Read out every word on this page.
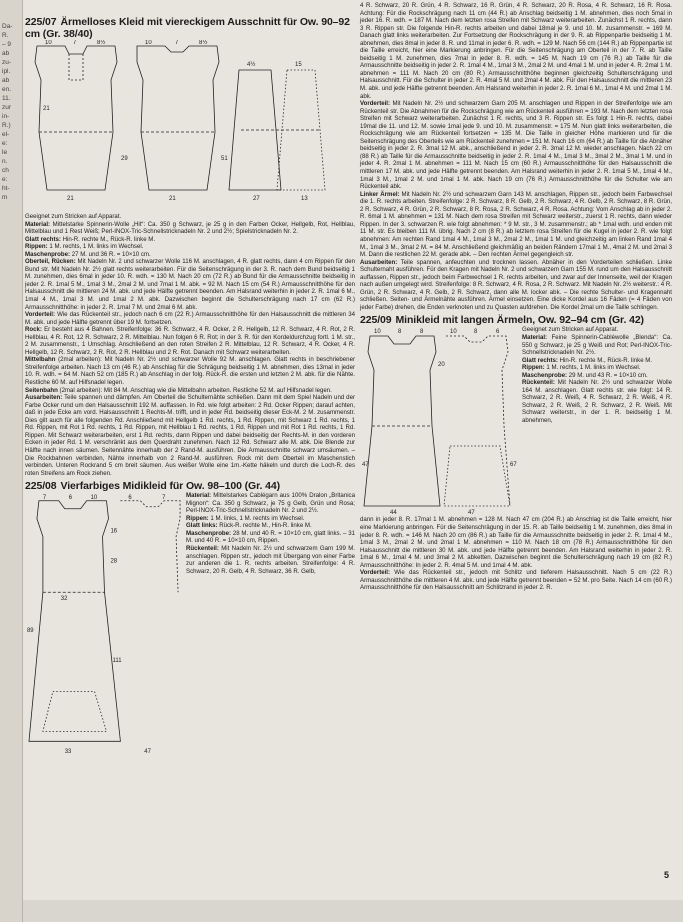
Da-
R.
– 9
ab
zu-
ipl.
ab
en.
11.
zur
in-
R.)
el-
e:
le
n.
ch
e:
ht-
m
225/07 Ärmelloses Kleid mit viereckigem Ausschnitt für Ow. 90–92 cm (Gr. 38/40)
10	7	8½	10	7	8½
4½	15
21
29	51
21	21	27	13

Geeignet zum Stricken auf Apparat.

Material: Mittelstarke Spinnerin-Wolle „Hit“: Ca. 350 g Schwarz, je 25 g in den Farben Ocker, Hellgelb, Rot, Hellblau, Mittelblau und 1 Rest Weiß; Perl-INOX-Tric-Schnellstricknadeln Nr. 2 und 2½; Spielstricknadeln Nr. 2.

Glatt rechts: Hin-R. rechte M., Rück-R. linke M.

Rippen: 1 M. rechts, 1 M. links im Wechsel.

Maschenprobe: 27 M. und 36 R. = 10×10 cm.

Oberteil, Rücken: Mit Nadeln Nr. 2 und schwarzer Wolle 116 M. anschlagen, 4 R. glatt rechts, dann 4 cm Rippen für den Bund str. Mit Nadeln Nr. 2½ glatt rechts weiterarbeiten. Für die Seitenschrägung in der 3. R. nach dem Bund beidseitig 1 M. zunehmen, dies 6mal in jeder 10. R. wdh. = 130 M. Nach 20 cm (72 R.) ab Bund für die Armausschnitte beidseitig in jeder 2. R. 1mal 5 M., 1mal 3 M., 2mal 2 M. und 7mal 1 M. abk. = 92 M. Nach 15 cm (54 R.) Armausschnitthöhe für den Halsausschnitt die mittleren 24 M. abk. und jede Hälfte getrennt beenden. Am Halsrand weiterhin in jeder 2. R. 1mal 6 M., 1mal 4 M., 1mal 3 M. und 1mal 2 M. abk. Dazwischen beginnt die Schulterschrägung nach 17 cm (62 R.) Armausschnitthöhe: in jeder 2. R. 1mal 7 M. und 2mal 6 M. abk.

Vorderteil: Wie das Rückenteil str., jedoch nach 6 cm (22 R.) Armausschnitthöhe für den Halsausschnitt die mittleren 34 M. abk. und jede Hälfte getrennt über 19 M. fortsetzen.

Rock: Er besteht aus 4 Bahnen. Streifenfolge: 36 R. Schwarz, 4 R. Ocker, 2 R. Hellgelb, 12 R. Schwarz, 4 R. Rot, 2 R. Hellblau, 4 R. Rot, 12 R. Schwarz, 2 R. Mittelblau. Nun folgen 6 R. Rot; in der 3. R. für den Kordeldurchzug fortl. 1 M. str., 2 M. zusammenstr., 1 Umschlag. Anschließend an den roten Streifen 2 R. Mittelblau, 12 R. Schwarz, 4 R. Ocker, 4 R. Hellgelb, 12 R. Schwarz, 2 R. Rot, 2 R. Hellblau und 2 R. Rot. Danach mit Schwarz weiterarbeiten.

Mittelbahn (2mal arbeiten): Mit Nadeln Nr. 2½ und schwarzer Wolle 92 M. anschlagen. Glatt rechts in beschriebener Streifenfolge arbeiten. Nach 13 cm (46 R.) ab Anschlag für die Schrägung beidseitig 1 M. abnehmen, dies 13mal in jeder 10. R. wdh. = 64 M. Nach 52 cm (185 R.) ab Anschlag in der folg. Rück-R. die ersten und letzten 2 M. abk. für die Nähte. Restliche 60 M. auf Hilfsnadel legen.

Seitenbahn (2mal arbeiten): Mit 84 M. Anschlag wie die Mittelbahn arbeiten. Restliche 52 M. auf Hilfsnadel legen.

Ausarbeiten: Teile spannen und dämpfen. Am Oberteil die Schulternähte schließen. Dann mit dem Spiel Nadeln und der Farbe Ocker rund um den Halsausschnitt 192 M. auffassen. In Rd. wie folgt arbeiten: 2 Rd. Ocker Rippen; darauf achten, daß in jede Ecke am vord. Halsausschnitt 1 Rechts-M. trifft, und in jeder Rd. beidseitig dieser Eck-M. 2 M. zusammenstr. Dies gilt auch für alle folgenden Rd. Anschließend mit Hellgelb 1 Rd. rechts, 1 Rd. Rippen, mit Schwarz 1 Rd. rechts, 1 Rd. Rippen, mit Rot 1 Rd. rechts, 1 Rd. Rippen, mit Hellblau 1 Rd. rechts, 1 Rd. Rippen und mit Rot 1 Rd. rechts, 1 Rd. Rippen. Mit Schwarz weiterarbeiten, erst 1 Rd. rechts, dann Rippen und dabei beidseitig der Rechts-M. in den vorderen Ecken in jeder Rd. 1 M. verschränkt aus dem Querdraht zunehmen. Nach 12 Rd. Schwarz alle M. abk. Die Blende zur Hälfte nach innen säumen. Seitennähte innerhalb der 2 Rand-M. ausführen. Die Armausschnitte schwarz umsäumen. – Die Rockbahnen verbinden, Nähte innerhalb von 2 Rand-M. ausführen. Rock mit dem Oberteil im Maschenstich verbinden. Unteren Rockrand 5 cm breit säumen. Aus weißer Wolle eine 1m.-Kette häkeln und durch die Loch-R. des roten Streifens am Rock ziehen.

225/08 Vierfarbiges Midikleid für Ow. 98–100 (Gr. 44)
7	6	10	6	7
16
28
89
111
32
33	47

Material: Mittelstarkes Cablégarn aus 100% Dralon „Britanica Mignon“: Ca. 350 g Schwarz, je 75 g Gelb, Grün und Rosa; Perl-INOX-Tric-Schnellstricknadeln Nr. 2 und 2½.

Rippen: 1 M. links, 1 M. rechts im Wechsel.

Glatt links: Rück-R. rechte M., Hin-R. linke M.

Maschenprobe: 28 M. und 40 R. = 10×10 cm, glatt links. – 31 M. und 40 R. = 10×10 cm, Rippen.

Rückenteil: Mit Nadeln Nr. 2½ und schwarzem Garn 199 M. anschlagen. Rippen str., jedoch mit Übergang von einer Farbe zur anderen die 1. R. rechts arbeiten. Streifenfolge: 4 R. Schwarz, 20 R. Gelb, 4 R. Schwarz, 36 R. Gelb,

4 R. Schwarz, 20 R. Grün, 4 R. Schwarz, 16 R. Grün, 4 R. Schwarz, 20 R. Rosa, 4 R. Schwarz, 16 R. Rosa. Achtung: Für die Rockschrägung nach 11 cm (44 R.) ab Anschlag beidseitig 1 M. abnehmen, dies noch 5mal in jeder 16. R. wdh. = 187 M. Nach dem letzten rosa Streifen mit Schwarz weiterarbeiten. Zunächst 1 R. rechts, dann 3 R. Rippen str. Die folgende Hin-R. rechts arbeiten und dabei 18mal je 9. und 10. M. zusammenstr. = 169 M. Danach glatt links weiterarbeiten. Zur Fortsetzung der Rockschrägung in der 9. R. ab Rippenpartie beidseitig 1 M. abnehmen, dies 8mal in jeder 8. R. und 11mal in jeder 6. R. wdh. = 129 M. Nach 56 cm (144 R.) ab Rippenpartie ist die Taille erreicht, hier eine Markierung anbringen. Für die Seitenschrägung am Oberteil in der 7. R. ab Taille beidseitig 1 M. zunehmen, dies 7mal in jeder 8. R. wdh. = 145 M. Nach 19 cm (76 R.) ab Taille für die Armausschnitte beidseitig in jeder 2. R. 1mal 4 M., 1mal 3 M., 2mal 2 M. und 4mal 1 M. und in jeder 4. R. 2mal 1 M. abnehmen = 111 M. Nach 20 cm (80 R.) Armausschnitthöhe beginnen gleichzeitig Schulterschrägung und Halsausschnitt. Für die Schulter in jeder 2. R. 4mal 5 M. und 2mal 4 M. abk. Für den Halsausschnitt die mittleren 23 M. abk. und jede Hälfte getrennt beenden. Am Halsrand weiterhin in jeder 2. R. 1mal 6 M., 1mal 4 M. und 2mal 1 M. abk.

Vorderteil: Mit Nadeln Nr. 2½ und schwarzem Garn 205 M. anschlagen und Rippen in der Streifenfolge wie am Rückenteil str. Die Abnahmen für die Rockschrägung wie am Rückenteil ausführen = 193 M. Nach dem letzten rosa Streifen mit Schwarz weiterarbeiten. Zunächst 1 R. rechts, und 3 R. Rippen str. Es folgt 1 Hin-R. rechts, dabei 19mal die 11. und 12. M. sowie 1mal jede 9. und 10. M. zusammenstr. = 175 M. Nun glatt links weiterarbeiten, die Rockschrägung wie am Rückenteil fortsetzen = 135 M. Die Taille in gleicher Höhe markieren und für die Seitenschrägung des Oberteils wie am Rückenteil zunehmen = 151 M. Nach 16 cm (64 R.) ab Taille für die Abnäher beidseitig in jeder 2. R. 3mal 12 M. abk., anschließend in jeder 2. R. 3mal 12 M. wieder anschlagen. Nach 22 cm (88 R.) ab Taille für die Armausschnitte beidseitig in jeder 2. R. 1mal 4 M., 1mal 3 M., 3mal 2 M., 3mal 1 M. und in jeder 4. R. 2mal 1 M. abnehmen = 111 M. Nach 15 cm (60 R.) Armausschnitthöhe für den Halsausschnitt die mittleren 17 M. abk. und jede Hälfte getrennt beenden. Am Halsrand weiterhin in jeder 2. R. 1mal 5 M., 1mal 4 M., 1mal 3 M., 1mal 2 M. und 1mal 1 M. abk. Nach 19 cm (76 R.) Armausschnitthöhe für die Schulter wie am Rückenteil abk.

Linker Ärmel: Mit Nadeln Nr. 2½ und schwarzem Garn 143 M. anschlagen, Rippen str., jedoch beim Farbwechsel die 1. R. rechts arbeiten. Streifenfolge: 2 R. Schwarz, 8 R. Gelb, 2 R. Schwarz, 4 R. Gelb, 2 R. Schwarz, 8 R. Grün, 2 R. Schwarz, 4 R. Grün, 2 R. Schwarz, 8 R. Rosa, 2 R. Schwarz, 4 R. Rosa. Achtung: Vom Anschlag ab in jeder 2. R. 6mal 1 M. abnehmen = 131 M. Nach dem rosa Streifen mit Schwarz weiterstr., zuerst 1 R. rechts, dann wieder Rippen. In der 3. schwarzen R. wie folgt abnehmen: * 9 M. str., 3 M. zusammenstr.; ab * 1mal wdh. und enden mit 11 M. str. Es bleiben 111 M. übrig. Nach 2 cm (8 R.) ab letztem rosa Streifen für die Kugel in jeder 2. R. wie folgt abnehmen: Am rechten Rand 1mal 4 M., 1mal 3 M., 2mal 2 M., 1mal 1 M. und gleichzeitig am linken Rand 1mal 4 M., 1mal 3 M., 3mal 2 M. = 84 M. Anschließend gleichmäßig an beiden Rändern 17mal 1 M., 4mal 2 M. und 2mal 3 M. Dann die restlichen 22 M. gerade abk. – Den rechten Ärmel gegengleich str.

Ausarbeiten: Teile spannen, anfeuchten und trocknen lassen. Abnäher in den Vorderteilen schließen. Linke Schulternaht ausführen. Für den Kragen mit Nadeln Nr. 2 und schwarzem Garn 155 M. rund um den Halsausschnitt auffassen, Rippen str., jedoch beim Farbwechsel 1 R. rechts arbeiten, und zwar auf der Innenseite, weil der Kragen nach außen umgelegt wird. Streifenfolge: 8 R. Schwarz, 4 R. Rosa, 2 R. Schwarz. Mit Nadeln Nr. 2½ weiterstr.: 4 R. Grün, 2 R. Schwarz, 4 R. Gelb, 2 R. Schwarz, dann alle M. locker abk. – Die rechte Schulter- und Kragennaht schließen. Seiten- und Ärmelnähte ausführen. Ärmel einsetzen. Eine dicke Kordel aus 16 Fäden (= 4 Fäden von jeder Farbe) drehen, die Enden verknoten und zu Quasten aufdrehen. Die Kordel 2mal um die Taille schlingen.

225/09 Minikleid mit langen Ärmeln, Ow. 92–94 cm (Gr. 42)
10	8	8	10	8	6
20
47	67
44	47

Geeignet zum Stricken auf Apparat.

Material: Feine Spinnerin-Cabléwolle „Blenda“: Ca. 550 g Schwarz, je 25 g Weiß und Rot; Perl-INOX-Tric-Schnellstricknadeln Nr. 2½.

Glatt rechts: Hin-R. rechte M., Rück-R. linke M.

Rippen: 1 M. rechts, 1 M. links im Wechsel.

Maschenprobe: 29 M. und 43 R. = 10×10 cm.

Rückenteil: Mit Nadeln Nr. 2½ und schwarzer Wolle 164 M. anschlagen. Glatt rechts str. wie folgt: 14 R. Schwarz, 2 R. Weiß, 4 R. Schwarz, 2 R. Weiß, 4 R. Schwarz, 2 R. Weiß, 2 R. Schwarz, 2 R. Weiß. Mit Schwarz weiterstr., in der 1. R. beidseitig 1 M. abnehmen,

dann in jeder 8. R. 17mal 1 M. abnehmen = 128 M. Nach 47 cm (204 R.) ab Anschlag ist die Taille erreicht, hier eine Markierung anbringen. Für die Seitenschrägung in der 15. R. ab Taille beidseitig 1 M. zunehmen, dies 8mal in jeder 8. R. wdh. = 146 M. Nach 20 cm (86 R.) ab Taille für die Armausschnitte beidseitig in jeder 2. R. 1mal 4 M., 1mal 3 M., 2mal 2 M. und 2mal 1 M. abnehmen = 110 M. Nach 18 cm (78 R.) Armausschnitthöhe für den Halsausschnitt die mittleren 30 M. abk. und jede Hälfte getrennt beenden. Am Halsrand weiterhin in jeder 2. R. 1mal 6 M., 1mal 4 M. und 3mal 2 M. abketten. Dazwischen beginnt die Schulterschrägung nach 19 cm (82 R.) Armausschnitthöhe: In jeder 2. R. 4mal 5 M. und 1mal 4 M. abk.

Vorderteil: Wie das Rückenteil str., jedoch mit Schlitz und tieferem Halsausschnitt. Nach 5 cm (22 R.) Armausschnitthöhe die mittleren 4 M. abk. und jede Hälfte getrennt beenden = 52 M. pro Seite. Nach 14 cm (60 R.) Armausschnitthöhe für den Halsausschnitt am Schlitzrand in jeder 2. R.

5
